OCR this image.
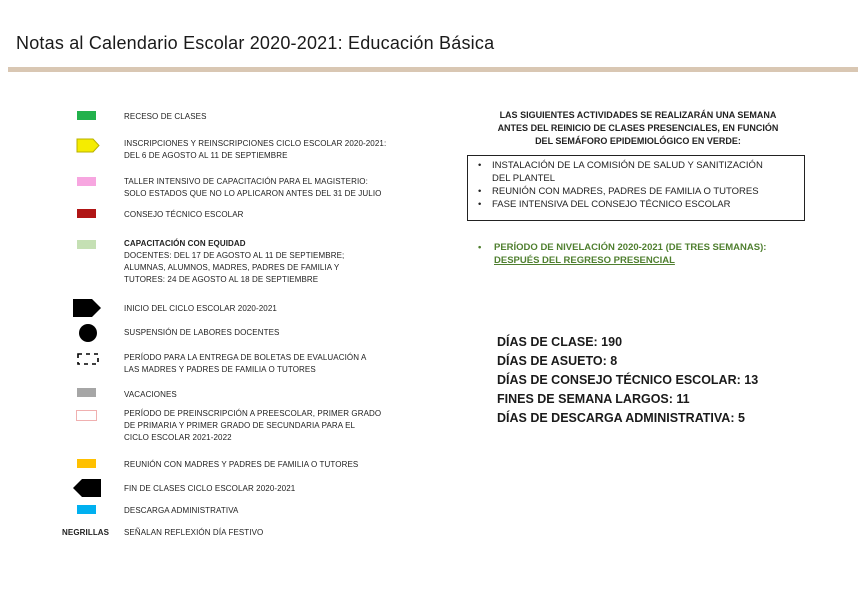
Notas al Calendario Escolar 2020-2021: Educación Básica
RECESO DE CLASES
INSCRIPCIONES Y REINSCRIPCIONES CICLO ESCOLAR 2020-2021:
DEL 6 DE AGOSTO AL 11 DE SEPTIEMBRE
TALLER INTENSIVO DE CAPACITACIÓN PARA EL MAGISTERIO:
SOLO ESTADOS QUE NO LO APLICARON ANTES DEL 31 DE JULIO
CONSEJO TÉCNICO ESCOLAR
CAPACITACIÓN CON EQUIDAD
DOCENTES: DEL 17 DE AGOSTO AL 11 DE SEPTIEMBRE;
ALUMNAS, ALUMNOS, MADRES, PADRES DE FAMILIA Y
TUTORES: 24 DE AGOSTO AL 18 DE SEPTIEMBRE
INICIO DEL CICLO ESCOLAR 2020-2021
SUSPENSIÓN DE LABORES DOCENTES
PERÍODO PARA LA ENTREGA DE BOLETAS DE EVALUACIÓN A
LAS MADRES Y PADRES DE FAMILIA O TUTORES
VACACIONES
PERÍODO DE PREINSCRIPCIÓN A PREESCOLAR, PRIMER GRADO
DE PRIMARIA Y PRIMER GRADO DE SECUNDARIA PARA EL
CICLO ESCOLAR 2021-2022
REUNIÓN CON MADRES Y PADRES DE FAMILIA O TUTORES
FIN DE CLASES CICLO ESCOLAR 2020-2021
DESCARGA ADMINISTRATIVA
NEGRILLAS SEÑALAN REFLEXIÓN DÍA FESTIVO
LAS SIGUIENTES ACTIVIDADES SE REALIZARÁN UNA SEMANA
ANTES DEL REINICIO DE CLASES PRESENCIALES, EN FUNCIÓN
DEL SEMÁFORO EPIDEMIOLÓGICO EN VERDE:
• INSTALACIÓN DE LA COMISIÓN DE SALUD Y SANITIZACIÓN
DEL PLANTEL
• REUNIÓN CON MADRES, PADRES DE FAMILIA O TUTORES
• FASE INTENSIVA DEL CONSEJO TÉCNICO ESCOLAR
•	PERÍODO DE NIVELACIÓN 2020-2021 (DE TRES SEMANAS):
DESPUÉS DEL REGRESO PRESENCIAL
DÍAS DE CLASE: 190
DÍAS DE ASUETO: 8
DÍAS DE CONSEJO TÉCNICO ESCOLAR: 13
FINES DE SEMANA LARGOS: 11
DÍAS DE DESCARGA ADMINISTRATIVA: 5
